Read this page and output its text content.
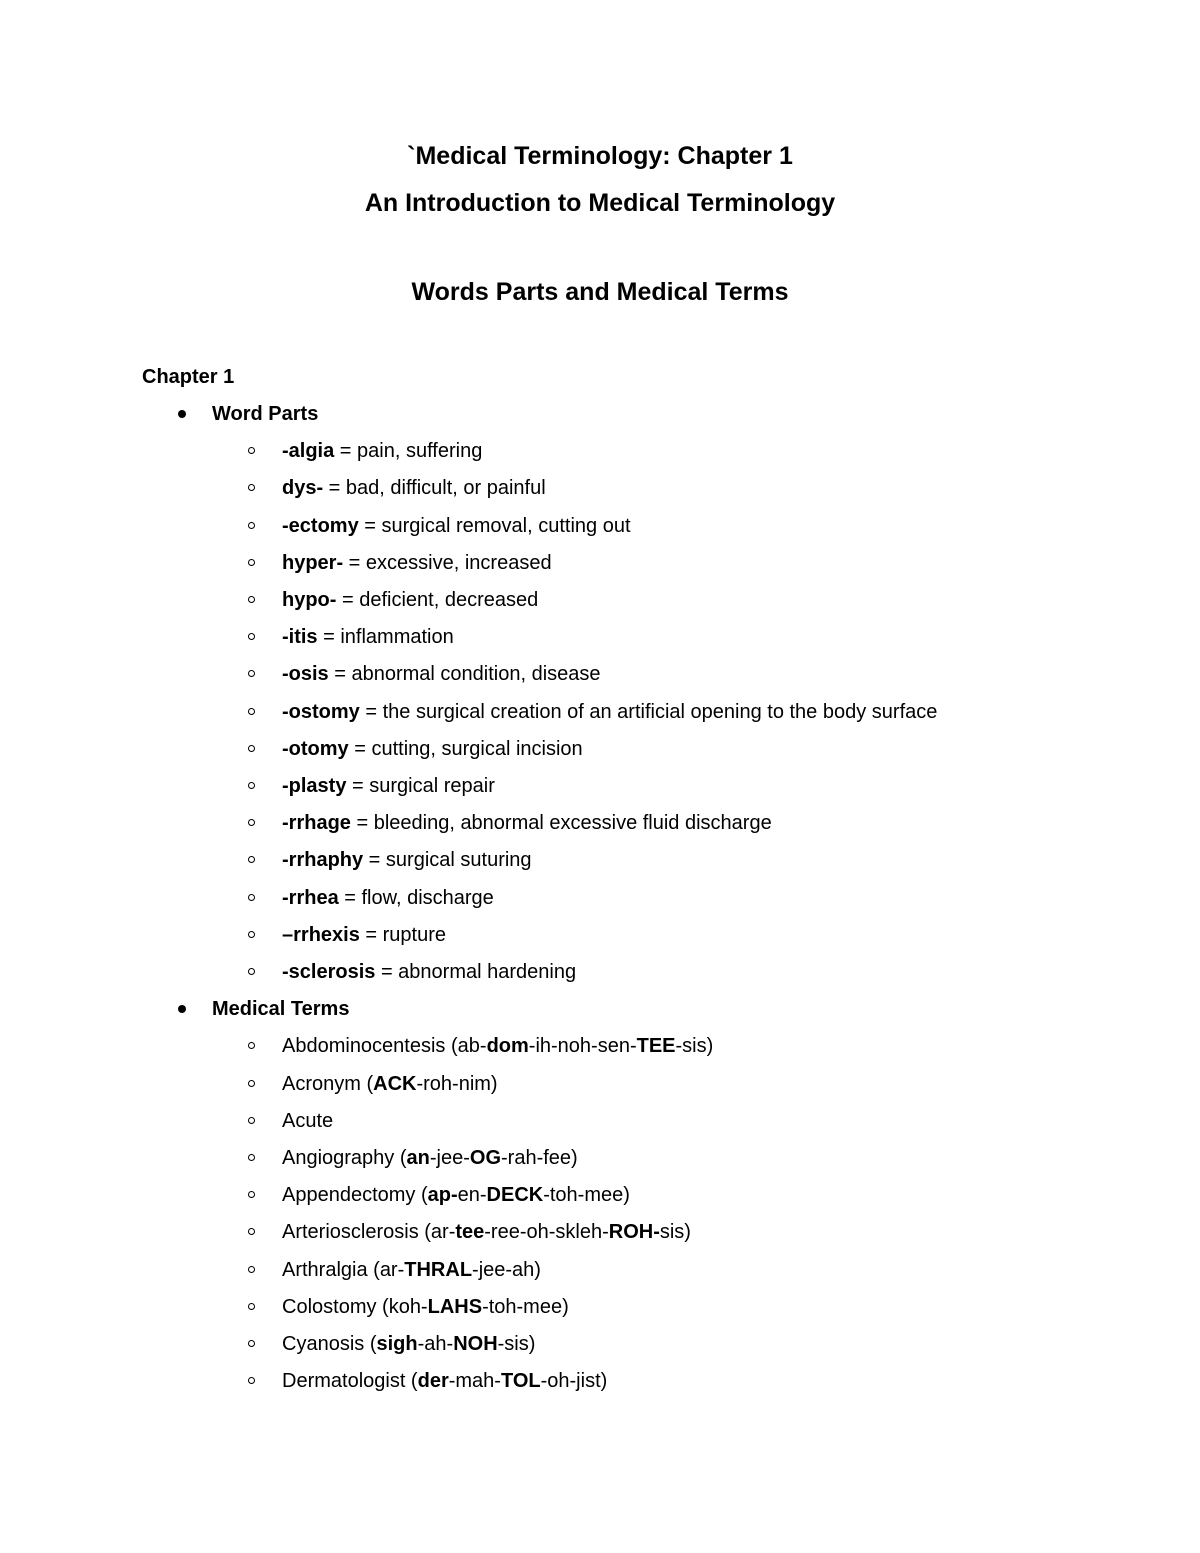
`Medical Terminology: Chapter 1
An Introduction to Medical Terminology
Words Parts and Medical Terms
Chapter 1
Word Parts
-algia = pain, suffering
dys- = bad, difficult, or painful
-ectomy = surgical removal, cutting out
hyper- = excessive, increased
hypo- = deficient, decreased
-itis = inflammation
-osis = abnormal condition, disease
-ostomy = the surgical creation of an artificial opening to the body surface
-otomy = cutting, surgical incision
-plasty = surgical repair
-rrhage = bleeding, abnormal excessive fluid discharge
-rrhaphy = surgical suturing
-rrhea = flow, discharge
–rrhexis = rupture
-sclerosis = abnormal hardening
Medical Terms
Abdominocentesis (ab-dom-ih-noh-sen-TEE-sis)
Acronym (ACK-roh-nim)
Acute
Angiography (an-jee-OG-rah-fee)
Appendectomy (ap-en-DECK-toh-mee)
Arteriosclerosis (ar-tee-ree-oh-skleh-ROH-sis)
Arthralgia (ar-THRAL-jee-ah)
Colostomy (koh-LAHS-toh-mee)
Cyanosis (sigh-ah-NOH-sis)
Dermatologist (der-mah-TOL-oh-jist)
